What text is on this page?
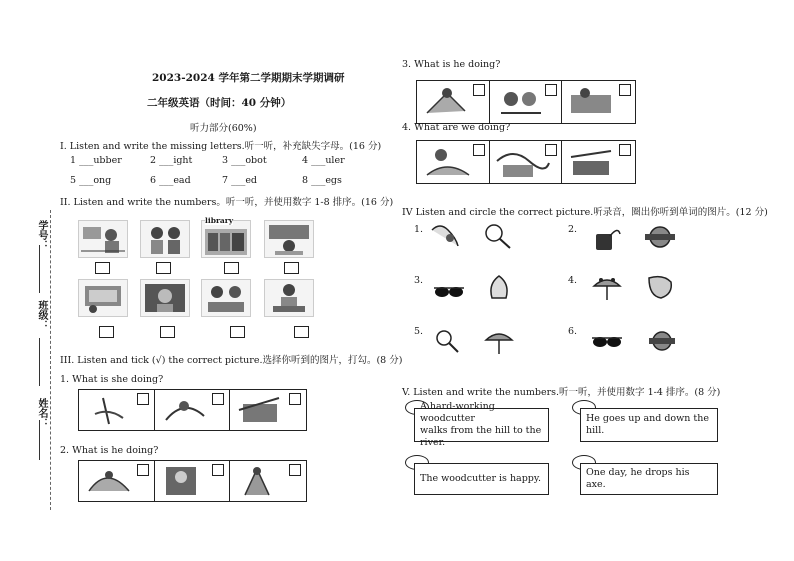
学号：
班级：
姓名：
2023-2024 学年第二学期期末学期调研
二年级英语（时间：40 分钟）
听力部分(60%)
I. Listen and write the missing letters.听一听，补充缺失字母。(16 分)
1 ___ubber	2 ___ight	3 ___obot	4 ___uler
5 ___ong	6 ___ead	7 ___ed	8 ___egs
II. Listen and write the numbers。听一听，并使用数字 1-8 排序。(16 分)
library
III. Listen and tick (√) the correct picture.选择你听到的图片，打勾。(8 分)
1. What is she doing?
2. What is he doing?
3. What is he doing?
4. What are we doing?
IV Listen and circle the correct picture.听录音，圈出你听到单词的图片。(12 分)
1.	2.
3.	4.
5.	6.
V. Listen and write the numbers.听一听，并使用数字 1-4 排序。(8 分)
A hard-working woodcutter
walks from the hill to the river.
He goes up and down the hill.
The woodcutter is happy.
One day, he drops his axe.
